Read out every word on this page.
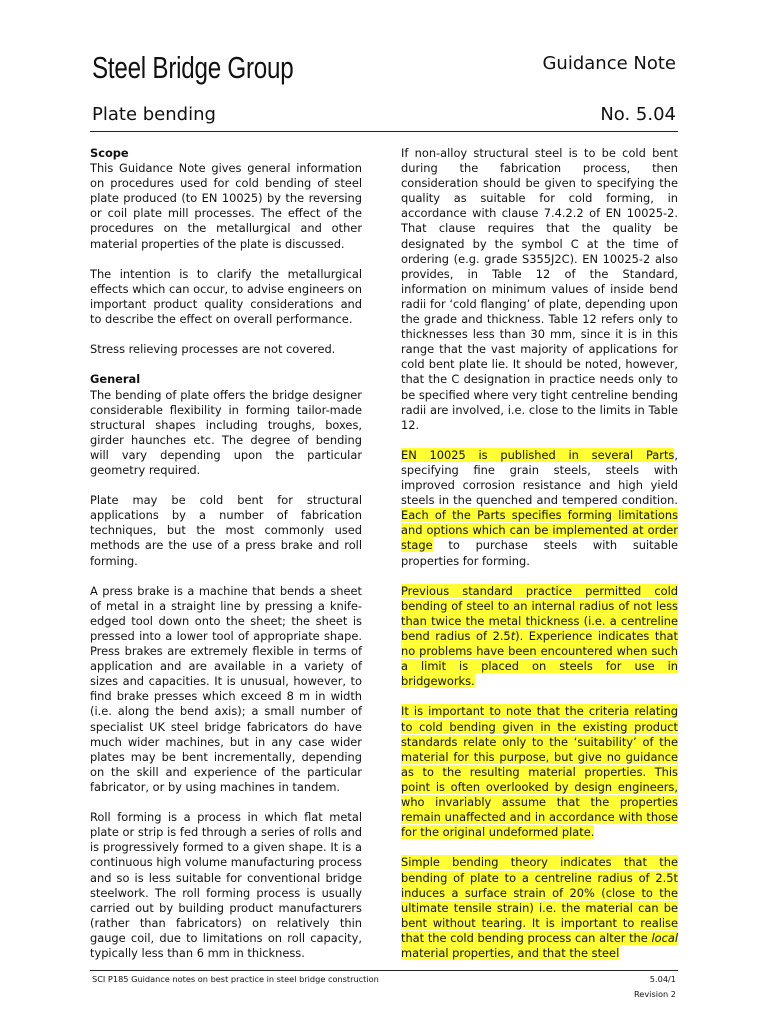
Steel Bridge Group	Guidance Note
Plate bending	No. 5.04

Scope

This Guidance Note gives general information on procedures used for cold bending of steel plate produced (to EN 10025) by the reversing or coil plate mill processes. The effect of the procedures on the metallurgical and other material properties of the plate is discussed.

The intention is to clarify the metallurgical effects which can occur, to advise engineers on important product quality considerations and to describe the effect on overall performance.

Stress relieving processes are not covered.

General

The bending of plate offers the bridge designer considerable flexibility in forming tailor-made structural shapes including troughs, boxes, girder haunches etc. The degree of bending will vary depending upon the particular geometry required.

Plate may be cold bent for structural applications by a number of fabrication techniques, but the most commonly used methods are the use of a press brake and roll forming.

A press brake is a machine that bends a sheet of metal in a straight line by pressing a knife-edged tool down onto the sheet; the sheet is pressed into a lower tool of appropriate shape. Press brakes are extremely flexible in terms of application and are available in a variety of sizes and capacities. It is unusual, however, to find brake presses which exceed 8 m in width (i.e. along the bend axis); a small number of specialist UK steel bridge fabricators do have much wider machines, but in any case wider plates may be bent incrementally, depending on the skill and experience of the particular fabricator, or by using machines in tandem.

Roll forming is a process in which flat metal plate or strip is fed through a series of rolls and is progressively formed to a given shape. It is a continuous high volume manufacturing process and so is less suitable for conventional bridge steelwork. The roll forming process is usually carried out by building product manufacturers (rather than fabricators) on relatively thin gauge coil, due to limitations on roll capacity, typically less than 6 mm in thickness.

If non-alloy structural steel is to be cold bent during the fabrication process, then consideration should be given to specifying the quality as suitable for cold forming, in accordance with clause 7.4.2.2 of EN 10025-2. That clause requires that the quality be designated by the symbol C at the time of ordering (e.g. grade S355J2C). EN 10025-2 also provides, in Table 12 of the Standard, information on minimum values of inside bend radii for ‘cold flanging’ of plate, depending upon the grade and thickness. Table 12 refers only to thicknesses less than 30 mm, since it is in this range that the vast majority of applications for cold bent plate lie. It should be noted, however, that the C designation in practice needs only to be specified where very tight centreline bending radii are involved, i.e. close to the limits in Table 12.

EN 10025 is published in several Parts, specifying fine grain steels, steels with improved corrosion resistance and high yield steels in the quenched and tempered condition. Each of the Parts specifies forming limitations and options which can be implemented at order stage to purchase steels with suitable properties for forming.

Previous standard practice permitted cold bending of steel to an internal radius of not less than twice the metal thickness (i.e. a centreline bend radius of 2.5t). Experience indicates that no problems have been encountered when such a limit is placed on steels for use in bridgeworks.

It is important to note that the criteria relating to cold bending given in the existing product standards relate only to the ‘suitability’ of the material for this purpose, but give no guidance as to the resulting material properties. This point is often overlooked by design engineers, who invariably assume that the properties remain unaffected and in accordance with those for the original undeformed plate.

Simple bending theory indicates that the bending of plate to a centreline radius of 2.5t induces a surface strain of 20% (close to the ultimate tensile strain) i.e. the material can be bent without tearing. It is important to realise that the cold bending process can alter the local material properties, and that the steel

SCI P185 Guidance notes on best practice in steel bridge construction	5.04/1
Revision 2
